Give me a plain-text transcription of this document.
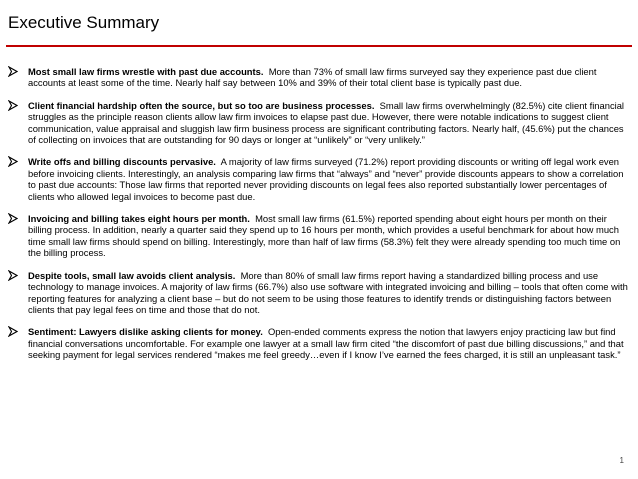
Executive Summary

Most small law firms wrestle with past due accounts. More than 73% of small law firms surveyed say they experience past due client accounts at least some of the time. Nearly half say between 10% and 39% of their total client base is typically past due.

Client financial hardship often the source, but so too are business processes. Small law firms overwhelmingly (82.5%) cite client financial struggles as the principle reason clients allow law firm invoices to elapse past due. However, there were notable indications to suggest client communication, value appraisal and sluggish law firm business process are significant contributing factors. Nearly half, (45.6%) put the chances of collecting on invoices that are outstanding for 90 days or longer at “unlikely” or “very unlikely.”

Write offs and billing discounts pervasive. A majority of law firms surveyed (71.2%) report providing discounts or writing off legal work even before invoicing clients. Interestingly, an analysis comparing law firms that “always” and “never” provide discounts appears to show a correlation to past due accounts: Those law firms that reported never providing discounts on legal fees also reported substantially lower percentages of clients who allowed legal invoices to become past due.

Invoicing and billing takes eight hours per month. Most small law firms (61.5%) reported spending about eight hours per month on their billing process. In addition, nearly a quarter said they spend up to 16 hours per month, which provides a useful benchmark for about how much time small law firms should spend on billing. Interestingly, more than half of law firms (58.3%) felt they were already spending too much time on the billing process.

Despite tools, small law avoids client analysis. More than 80% of small law firms report having a standardized billing process and use technology to manage invoices. A majority of law firms (66.7%) also use software with integrated invoicing and billing – tools that often come with reporting features for analyzing a client base – but do not seem to be using those features to identify trends or distinguishing factors between clients that pay legal fees on time and those that do not.

Sentiment: Lawyers dislike asking clients for money. Open-ended comments express the notion that lawyers enjoy practicing law but find financial conversations uncomfortable. For example one lawyer at a small law firm cited “the discomfort of past due billing discussions,” and that seeking payment for legal services rendered “makes me feel greedy…even if I know I’ve earned the fees charged, it is still an unpleasant task.”

1
